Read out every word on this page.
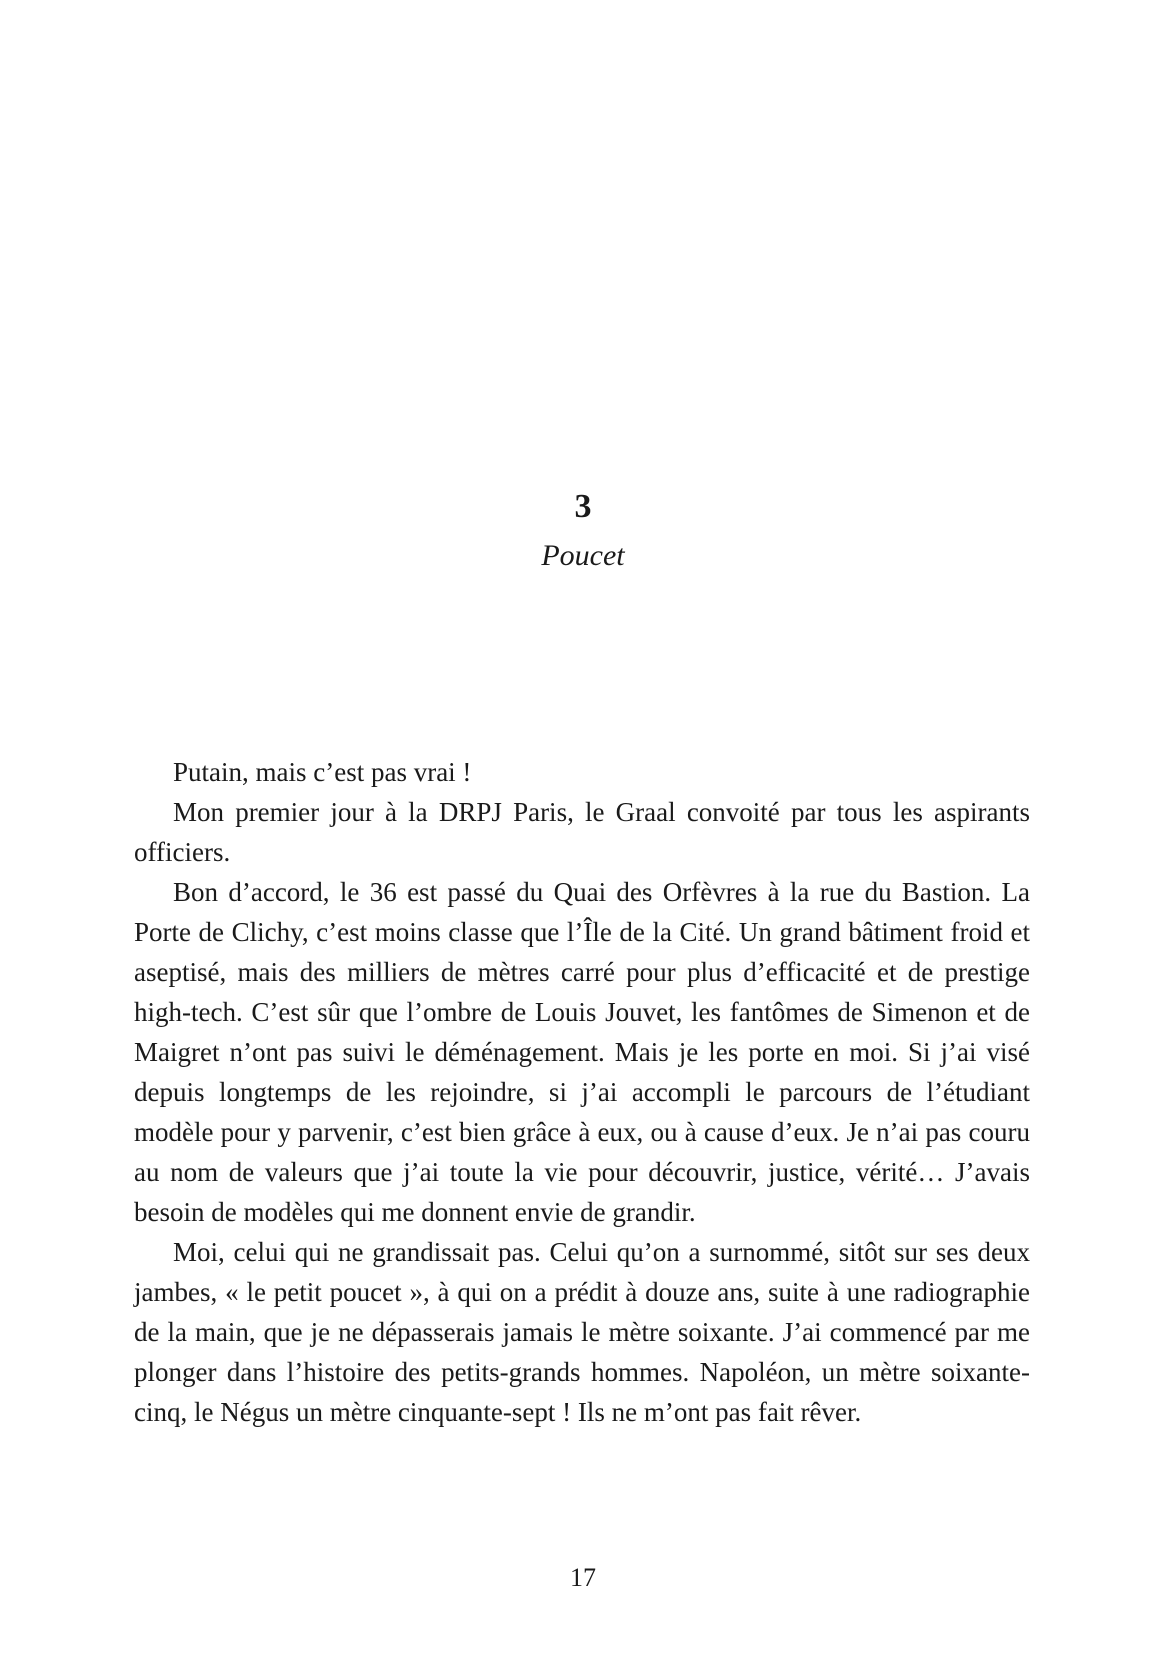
3
Poucet

Putain, mais c’est pas vrai !

Mon premier jour à la DRPJ Paris, le Graal convoité par tous les aspirants officiers.

Bon d’accord, le 36 est passé du Quai des Orfèvres à la rue du Bastion. La Porte de Clichy, c’est moins classe que l’Île de la Cité. Un grand bâtiment froid et aseptisé, mais des milliers de mètres carré pour plus d’efficacité et de prestige high-tech. C’est sûr que l’ombre de Louis Jouvet, les fantômes de Simenon et de Maigret n’ont pas suivi le déménagement. Mais je les porte en moi. Si j’ai visé depuis longtemps de les rejoindre, si j’ai accompli le parcours de l’étudiant modèle pour y parvenir, c’est bien grâce à eux, ou à cause d’eux. Je n’ai pas couru au nom de valeurs que j’ai toute la vie pour découvrir, justice, vérité… J’avais besoin de modèles qui me donnent envie de grandir.

Moi, celui qui ne grandissait pas. Celui qu’on a surnommé, sitôt sur ses deux jambes, « le petit poucet », à qui on a prédit à douze ans, suite à une radiographie de la main, que je ne dépasserais jamais le mètre soixante. J’ai commencé par me plonger dans l’histoire des petits-grands hommes. Napoléon, un mètre soixante-cinq, le Négus un mètre cinquante-sept ! Ils ne m’ont pas fait rêver.

17
